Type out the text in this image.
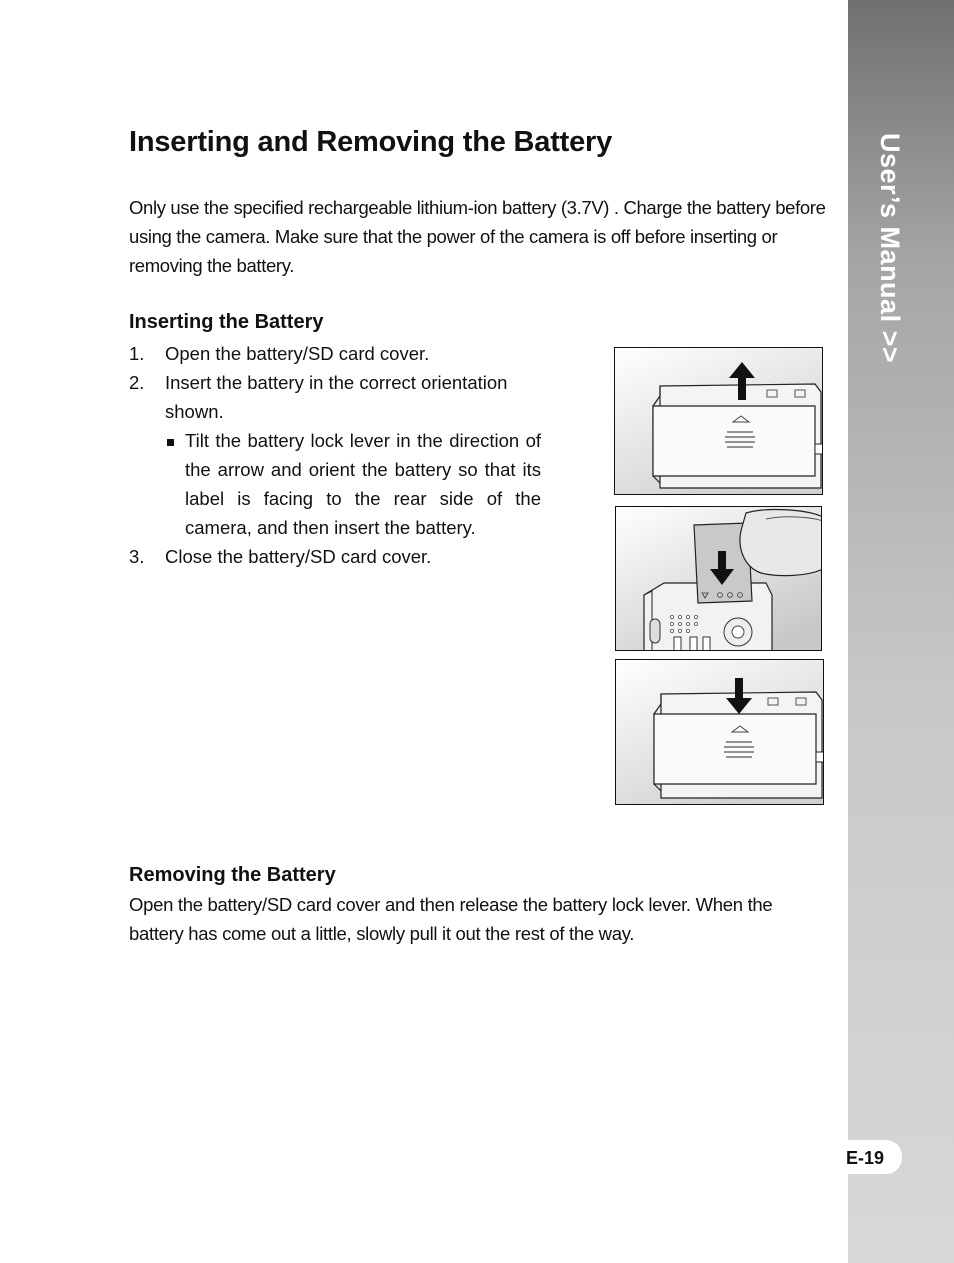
User’s Manual >>
E-19
Inserting and Removing the Battery

Only use the specified rechargeable lithium-ion battery (3.7V) . Charge the battery before using the camera. Make sure that the power of the camera is off before inserting or removing the battery.

Inserting the Battery
1.	Open the battery/SD card cover.
2.	Insert the battery in the correct orientation shown.
Tilt the battery lock lever in the direction of the arrow and orient the battery so that its label is facing to the rear side of the camera, and then insert the battery.
3.	Close the battery/SD card cover.
Removing the Battery

Open the battery/SD card cover and then release the battery lock lever. When the battery has come out a little, slowly pull it out the rest of the way.
